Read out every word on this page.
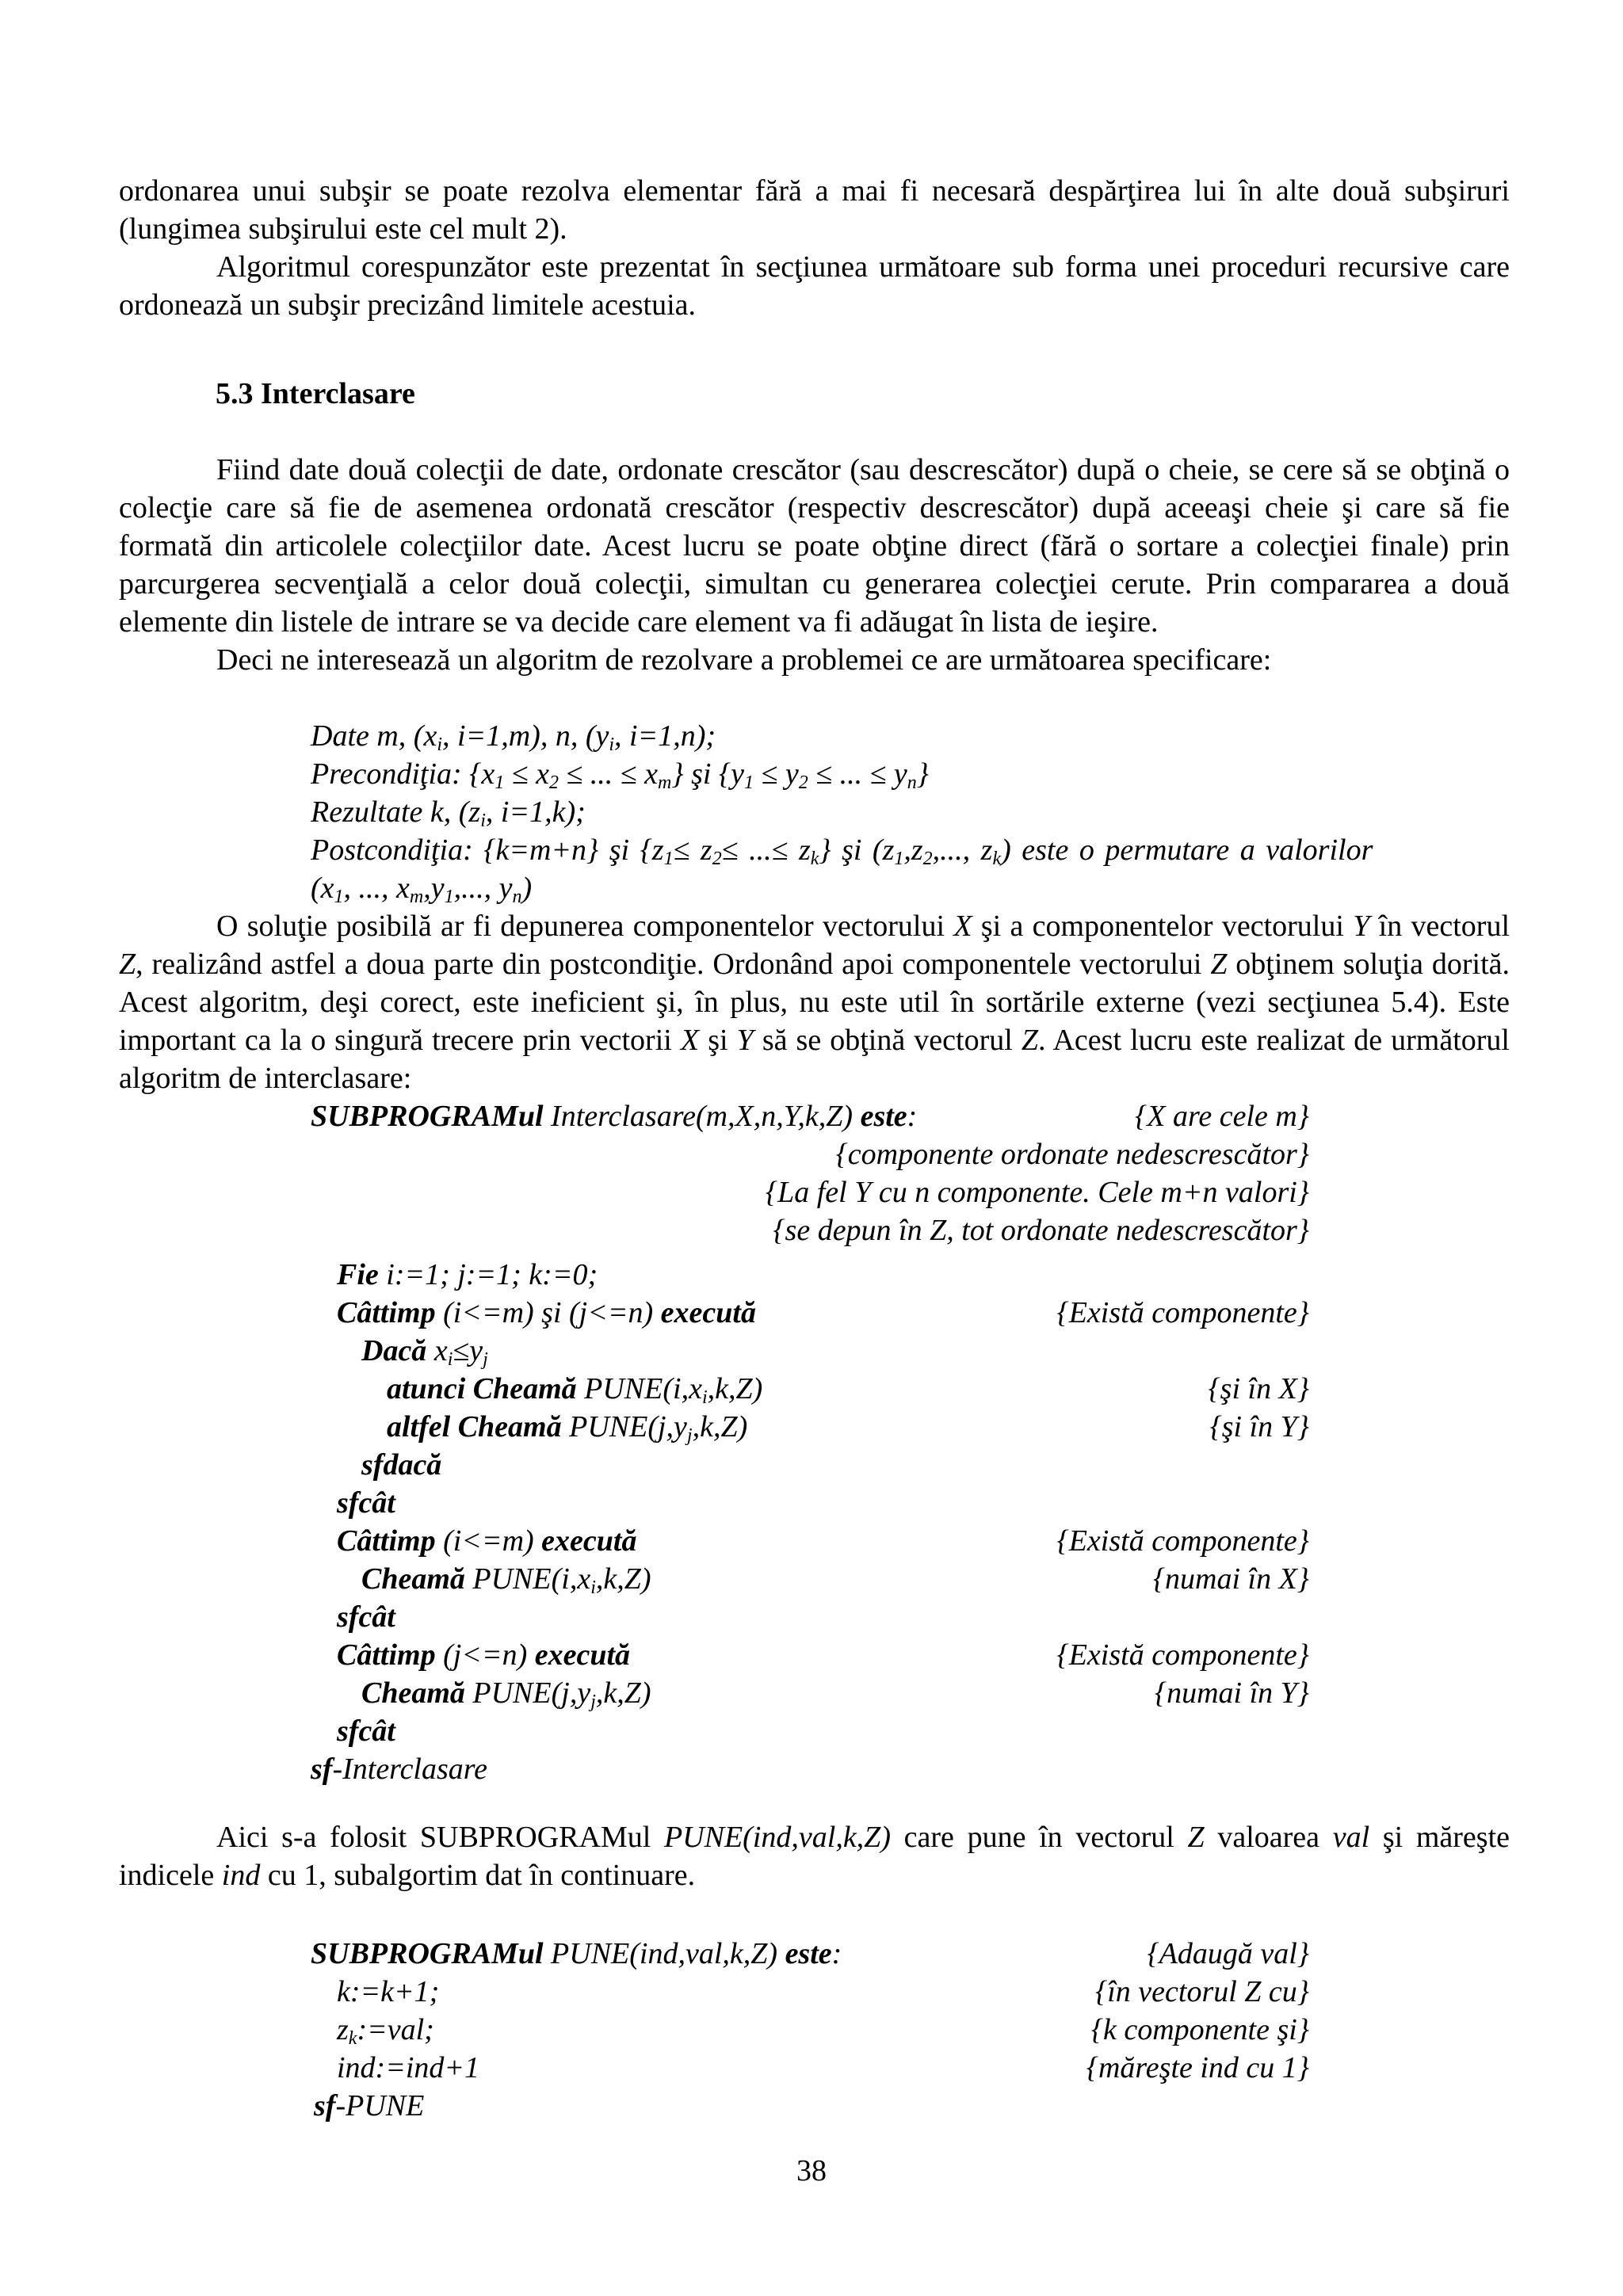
ordonarea unui subşir se poate rezolva elementar fără a mai fi necesară despărţirea lui în alte două subşiruri (lungimea subşirului este cel mult 2).

Algoritmul corespunzător este prezentat în secţiunea următoare sub forma unei proceduri recursive care ordonează un subşir precizând limitele acestuia.

5.3 Interclasare

Fiind date două colecţii de date, ordonate crescător (sau descrescător) după o cheie, se cere să se obţină o colecţie care să fie de asemenea ordonată crescător (respectiv descrescător) după aceeaşi cheie şi care să fie formată din articolele colecţiilor date. Acest lucru se poate obţine direct (fără o sortare a colecţiei finale) prin parcurgerea secvenţială a celor două colecţii, simultan cu generarea colecţiei cerute. Prin compararea a două elemente din listele de intrare se va decide care element va fi adăugat în lista de ieşire.

Deci ne interesează un algoritm de rezolvare a problemei ce are următoarea specificare:

Date m, ($x_i$, i=1,m), n, ($y_i$, i=1,n);
Precondiţia: {$x_1 \le x_2$ ≤ ... ≤ $x_m$} şi {$y_1 \le y_2$ ≤ ... ≤ $y_n$}
Rezultate k, ($z_i$, i=1,k);
Postcondiţia: {k=m+n} şi {$z_1\le z_2\le$ ...≤ $z_k$} şi ($z_1,z_2$,..., $z_k$) este o permutare a valorilor
($x_1$, ..., $x_m,y_1$,..., $y_n$)

O soluţie posibilă ar fi depunerea componentelor vectorului X şi a componentelor vectorului Y în vectorul Z, realizând astfel a doua parte din postcondiţie. Ordonând apoi componentele vectorului Z obţinem soluţia dorită. Acest algoritm, deşi corect, este ineficient şi, în plus, nu este util în sortările externe (vezi secţiunea 5.4). Este important ca la o singură trecere prin vectorii X şi Y să se obţină vectorul Z. Acest lucru este realizat de următorul algoritm de interclasare:

SUBPROGRAMul Interclasare(m,X,n,Y,k,Z) este:	{X are cele m}
{componente ordonate nedescrescător}
{La fel Y cu n componente. Cele m+n valori}
{se depun în Z, tot ordonate nedescrescător}
Fie i:=1; j:=1; k:=0;
Câttimp (i<=m) şi (j<=n) execută	{Există componente}
Dacă $x_i\le y_j$
atunci Cheamă $PUNE(i,x_i,k,Z)$	{şi în X}
altfel Cheamă $PUNE(j,y_j,k,Z)$	{şi în Y}
sfdacă
sfcât
Câttimp (i<=m) execută	{Există componente}
Cheamă $PUNE(i,x_i,k,Z)$	{numai în X}
sfcât
Câttimp (j<=n) execută	{Există componente}
Cheamă $PUNE(j,y_j,k,Z)$	{numai în Y}
sfcât
sf-Interclasare

Aici s-a folosit SUBPROGRAMul PUNE(ind,val,k,Z) care pune în vectorul Z valoarea val şi măreşte indicele ind cu 1, subalgortim dat în continuare.

SUBPROGRAMul PUNE(ind,val,k,Z) este:	{Adaugă val}
k:=k+1;	{în vectorul Z cu}
$z_k:=val$;	{k componente şi}
ind:=ind+1	{măreşte ind cu 1}
sf-PUNE
38
